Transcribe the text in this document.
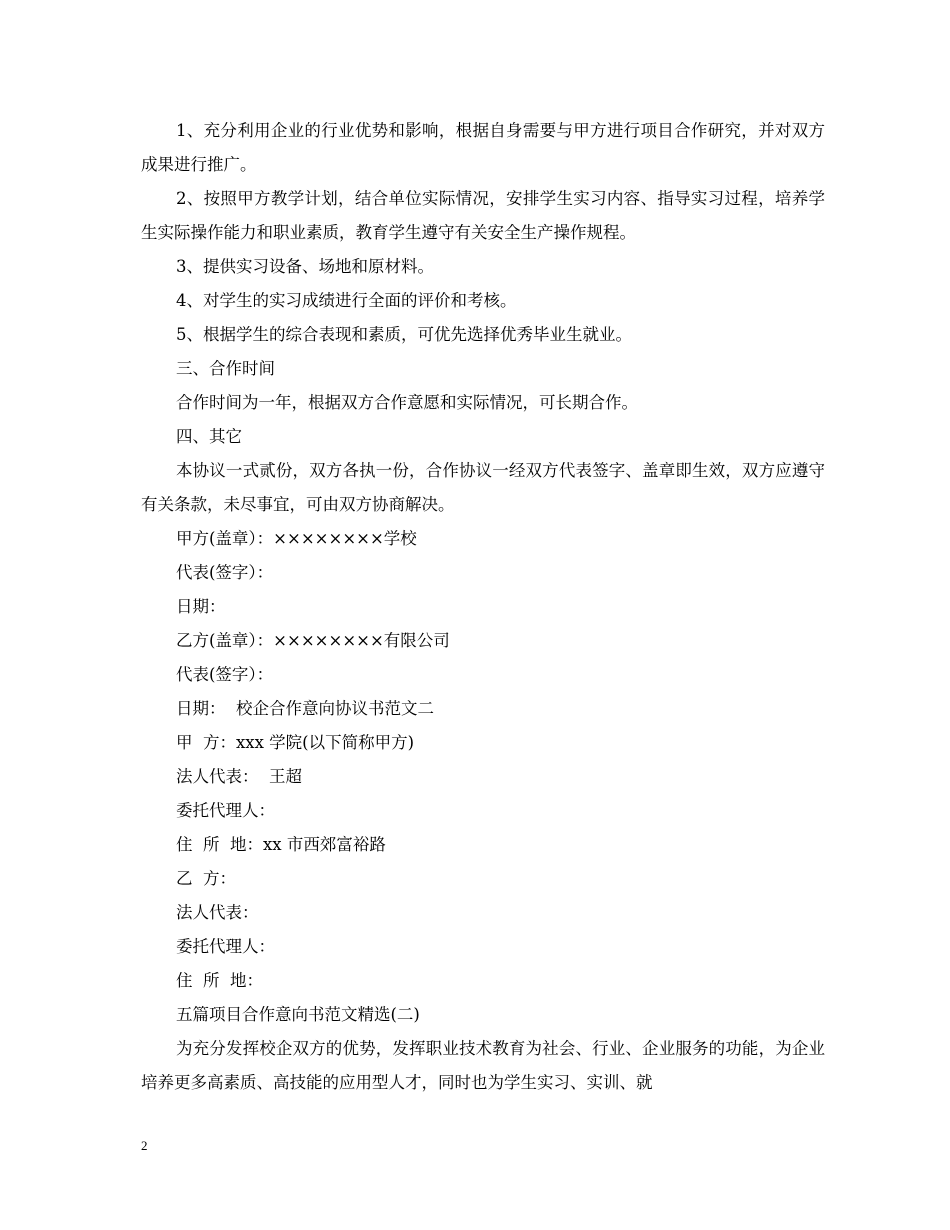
1、充分利用企业的行业优势和影响，根据自身需要与甲方进行项目合作研究，并对双方成果进行推广。

2、按照甲方教学计划，结合单位实际情况，安排学生实习内容、指导实习过程，培养学生实际操作能力和职业素质，教育学生遵守有关安全生产操作规程。

3、提供实习设备、场地和原材料。

4、对学生的实习成绩进行全面的评价和考核。

5、根据学生的综合表现和素质，可优先选择优秀毕业生就业。

三、合作时间

合作时间为一年，根据双方合作意愿和实际情况，可长期合作。

四、其它

本协议一式贰份，双方各执一份，合作协议一经双方代表签字、盖章即生效，双方应遵守有关条款，未尽事宜，可由双方协商解决。

甲方(盖章）：××××××××学校

代表(签字）：

日期：

乙方(盖章）：××××××××有限公司

代表(签字）：

日期：  校企合作意向协议书范文二

甲  方：xxx 学院(以下简称甲方)

法人代表：  王超

委托代理人：

住  所  地：xx 市西郊富裕路

乙  方：

法人代表：

委托代理人：

住  所  地：

五篇项目合作意向书范文精选(二)

为充分发挥校企双方的优势，发挥职业技术教育为社会、行业、企业服务的功能，为企业培养更多高素质、高技能的应用型人才，同时也为学生实习、实训、就

2
